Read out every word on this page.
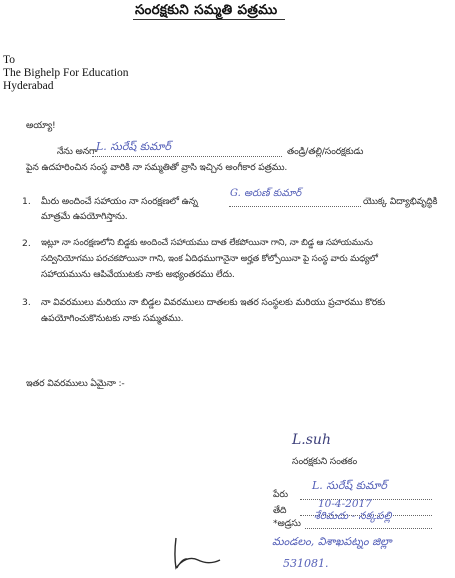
సంరక్షకుని సమ్మతి పత్రము
To
The Bighelp For Education
Hyderabad
అయ్యా!
నేను అనగా
L. సురేష్ కుమార్	తండ్రి/తల్లి/సంరక్షకుడు
పైన ఉదహరించిన సంస్థ వారికి నా సమ్మతితో వ్రాసి ఇచ్చిన అంగీకార పత్రము.
1. మీరు అందించే సహాయం నా సంరక్షణలో ఉన్న
G. అరుణ్ కుమార్
యొక్క విద్యాభివృద్ధికి
మాత్రమే ఉపయోగిస్తాను.
2. ఇట్లూ నా సంరక్షణలోని బిడ్డకు అందించే సహాయము దాత లేకపోయినా గాని, నా బిడ్డ ఆ సహాయమును
సద్వినియోగము పరచకపోయినా గాని, ఇంక ఏదిధముగానైనా అర్హత కోల్పోయినా పై సంస్థ వారు మధ్యలో
సహాయమును ఆపివేయుటకు నాకు అభ్యంతరము లేదు.
3. నా వివరములు మరియు నా బిడ్డల వివరములు దాతలకు ఇతర సంస్థలకు మరియు ప్రచారము కొరకు
ఉపయోగించుకొనుటకు నాకు సమ్మతము.
ఇతర వివరములు ఏమైనా :-
L.suh
సంరక్షకుని సంతకం
పేరు
L. సురేష్ కుమార్
తేది
10-4-2017
*అడ్రసు
శేరిమదు - నక్కపల్లి
మండలం, విశాఖపట్నం జిల్లా
531081.
